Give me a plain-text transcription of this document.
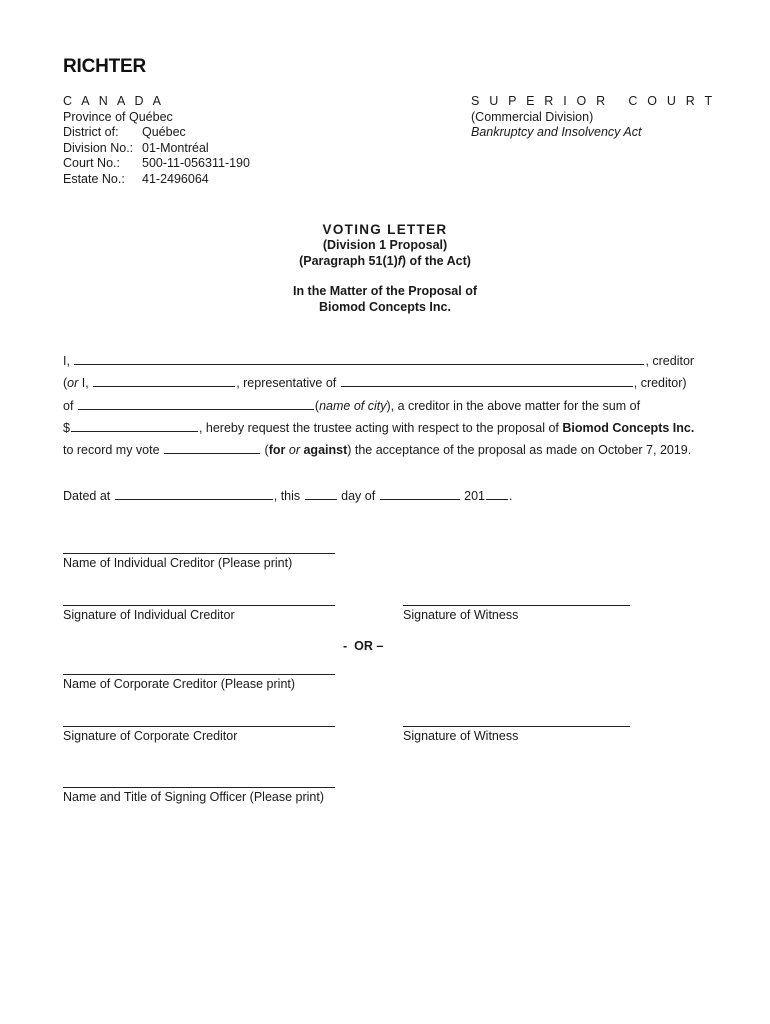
RICHTER
C A N A D A
Province of Québec
District of:	Québec
Division No.: 01-Montréal
Court No.:	500-11-056311-190
Estate No.:	41-2496064
S U P E R I O R   C O U R T
(Commercial Division)
Bankruptcy and Insolvency Act
VOTING LETTER
(Division 1 Proposal)
(Paragraph 51(1)f) of the Act)
In the Matter of the Proposal of
Biomod Concepts Inc.
I,	, creditor
(or I,	, representative of	, creditor)
of	(name of city), a creditor in the above matter for the sum of
$	, hereby request the trustee acting with respect to the proposal of Biomod Concepts Inc.
to record my vote	(for or against) the acceptance of the proposal as made on October 7, 2019.
Dated at	, this	day of	201 .
Name of Individual Creditor (Please print)
Signature of Individual Creditor	Signature of Witness
-  OR –
Name of Corporate Creditor (Please print)
Signature of Corporate Creditor	Signature of Witness
Name and Title of Signing Officer (Please print)
